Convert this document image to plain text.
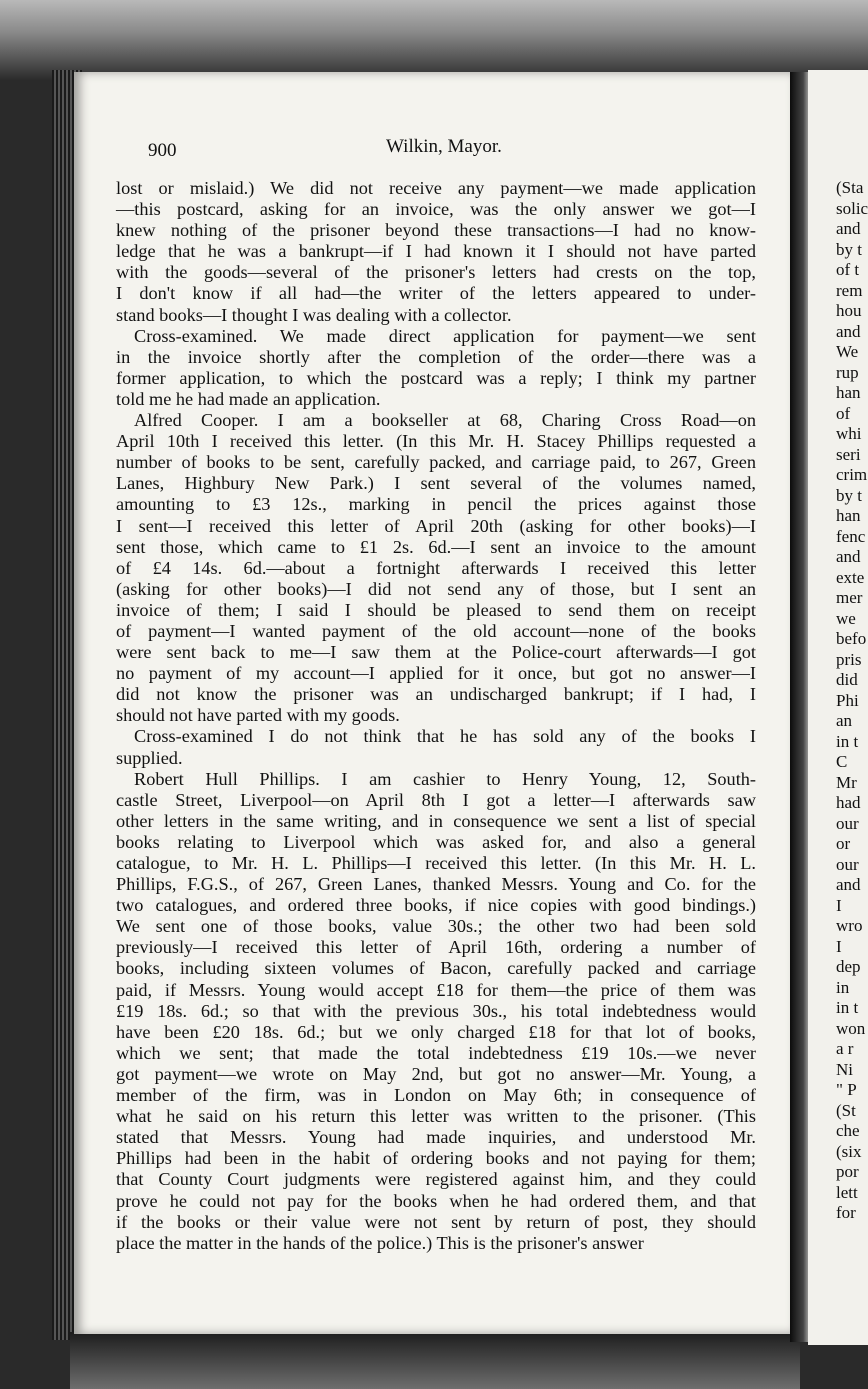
(Sta
solic
and
by t
of t
rem
hou
and
We
rup
han
of
whi
seri
crim
by t
han
fenc
and
exte
mer
we
befo
pris
did
Phi
an
in t
C
Mr
had
our
or
our
and
I
wro
I
dep
in
in t
won
a r
Ni
" P
(St
che
(six
por
lett
for
900	Wilkin, Mayor.
lost or mislaid.) We did not receive any payment—we made application
—this postcard, asking for an invoice, was the only answer we got—I
knew nothing of the prisoner beyond these transactions—I had no know-
ledge that he was a bankrupt—if I had known it I should not have parted
with the goods—several of the prisoner's letters had crests on the top,
I don't know if all had—the writer of the letters appeared to under-
stand books—I thought I was dealing with a collector.
Cross-examined. We made direct application for payment—we sent
in the invoice shortly after the completion of the order—there was a
former application, to which the postcard was a reply; I think my partner
told me he had made an application.
Alfred Cooper. I am a bookseller at 68, Charing Cross Road—on
April 10th I received this letter. (In this Mr. H. Stacey Phillips requested a
number of books to be sent, carefully packed, and carriage paid, to 267, Green
Lanes, Highbury New Park.) I sent several of the volumes named,
amounting to £3 12s., marking in pencil the prices against those
I sent—I received this letter of April 20th (asking for other books)—I
sent those, which came to £1 2s. 6d.—I sent an invoice to the amount
of £4 14s. 6d.—about a fortnight afterwards I received this letter
(asking for other books)—I did not send any of those, but I sent an
invoice of them; I said I should be pleased to send them on receipt
of payment—I wanted payment of the old account—none of the books
were sent back to me—I saw them at the Police-court afterwards—I got
no payment of my account—I applied for it once, but got no answer—I
did not know the prisoner was an undischarged bankrupt; if I had, I
should not have parted with my goods.
Cross-examined I do not think that he has sold any of the books I
supplied.
Robert Hull Phillips. I am cashier to Henry Young, 12, South-
castle Street, Liverpool—on April 8th I got a letter—I afterwards saw
other letters in the same writing, and in consequence we sent a list of special
books relating to Liverpool which was asked for, and also a general
catalogue, to Mr. H. L. Phillips—I received this letter. (In this Mr. H. L.
Phillips, F.G.S., of 267, Green Lanes, thanked Messrs. Young and Co. for the
two catalogues, and ordered three books, if nice copies with good bindings.)
We sent one of those books, value 30s.; the other two had been sold
previously—I received this letter of April 16th, ordering a number of
books, including sixteen volumes of Bacon, carefully packed and carriage
paid, if Messrs. Young would accept £18 for them—the price of them was
£19 18s. 6d.; so that with the previous 30s., his total indebtedness would
have been £20 18s. 6d.; but we only charged £18 for that lot of books,
which we sent; that made the total indebtedness £19 10s.—we never
got payment—we wrote on May 2nd, but got no answer—Mr. Young, a
member of the firm, was in London on May 6th; in consequence of
what he said on his return this letter was written to the prisoner. (This
stated that Messrs. Young had made inquiries, and understood Mr.
Phillips had been in the habit of ordering books and not paying for them;
that County Court judgments were registered against him, and they could
prove he could not pay for the books when he had ordered them, and that
if the books or their value were not sent by return of post, they should
place the matter in the hands of the police.) This is the prisoner's answer
